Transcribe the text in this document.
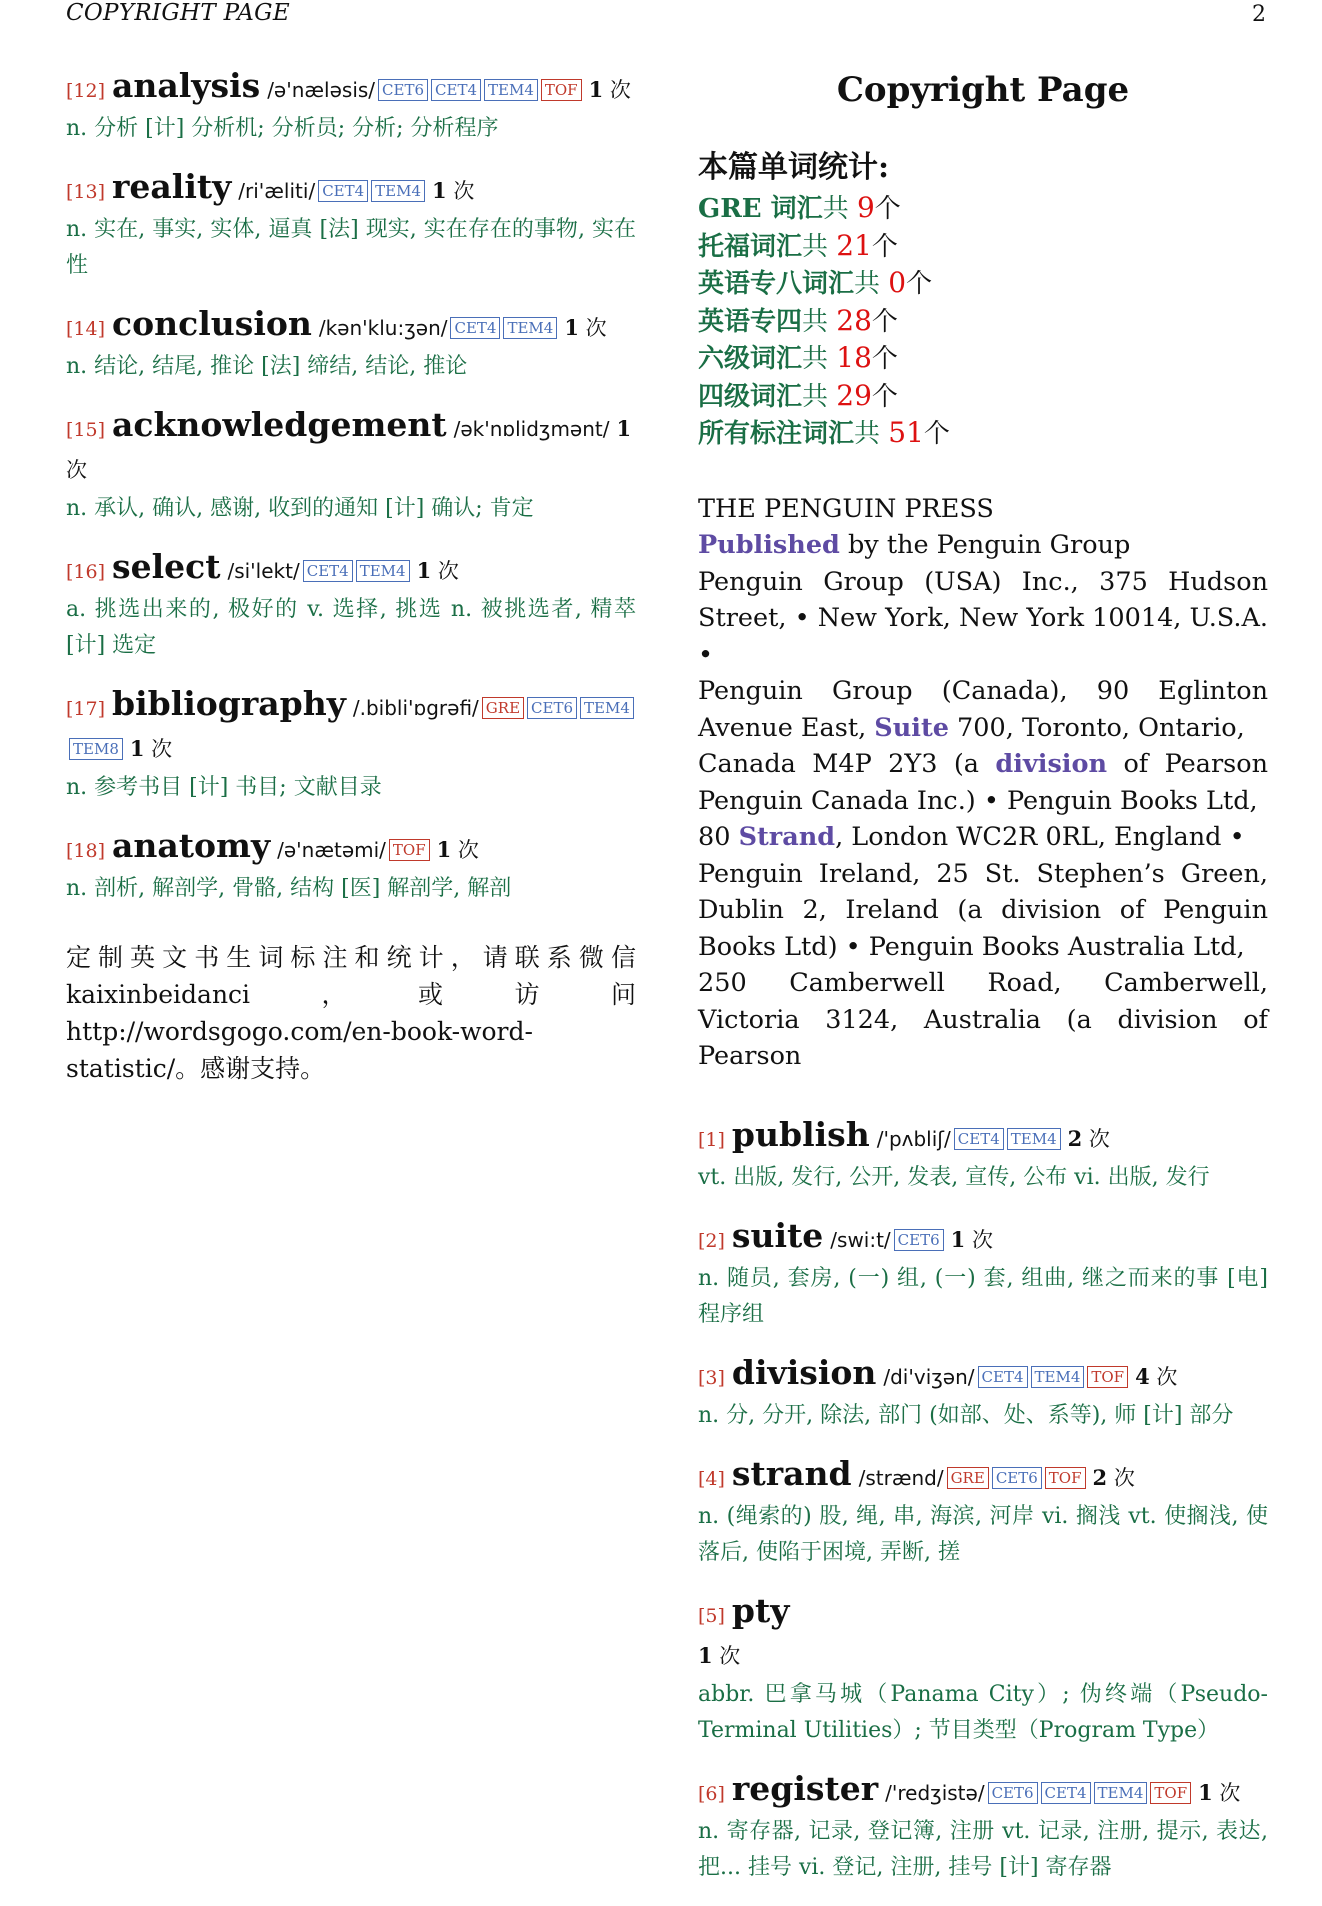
COPYRIGHT PAGE	2
[12] analysis /ə'næləsis/ CET6 CET4 TEM4 TOF 1 次
n. 分析 [计] 分析机; 分析员; 分析; 分析程序
[13] reality /ri'æliti/ CET4 TEM4 1 次
n. 实在, 事实, 实体, 逼真 [法] 现实, 实在存在的事物, 实在性
[14] conclusion /kən'klu:ʒən/ CET4 TEM4 1 次
n. 结论, 结尾, 推论 [法] 缔结, 结论, 推论
[15] acknowledgement /ək'nɒlidʒmənt/ 1 次
n. 承认, 确认, 感谢, 收到的通知 [计] 确认; 肯定
[16] select /si'lekt/ CET4 TEM4 1 次
a. 挑选出来的, 极好的 v. 选择, 挑选 n. 被挑选者, 精萃 [计] 选定
[17] bibliography /.bibli'ɒgrəfi/ GRE CET6 TEM4TEM8 1 次
n. 参考书目 [计] 书目; 文献目录
[18] anatomy /ə'nætəmi/ TOF 1 次
n. 剖析, 解剖学, 骨骼, 结构 [医] 解剖学, 解剖
定制英文书生词标注和统计，请联系微信 kaixinbeidanci，或访问 http://wordsgogo.com/en-book-word-statistic/。感谢支持。
Copyright Page
本篇单词统计:
GRE 词汇共 9个
托福词汇共 21个
英语专八词汇共 0个
英语专四共 28个
六级词汇共 18个
四级词汇共 29个
所有标注词汇共 51个

THE PENGUIN PRESS

Published by the Penguin Group

Penguin Group (USA) Inc., 375 Hudson Street, • New York, New York 10014, U.S.A. •

Penguin Group (Canada), 90 Eglinton Avenue East, Suite 700, Toronto, Ontario,

Canada M4P 2Y3 (a division of Pearson Penguin Canada Inc.) • Penguin Books Ltd,

80 Strand, London WC2R 0RL, England •

Penguin Ireland, 25 St. Stephen’s Green, Dublin 2, Ireland (a division of Penguin Books Ltd) • Penguin Books Australia Ltd,

250 Camberwell Road, Camberwell, Victoria 3124, Australia (a division of Pearson

[1] publish /'pʌbliʃ/ CET4 TEM4 2 次
vt. 出版, 发行, 公开, 发表, 宣传, 公布 vi. 出版, 发行
[2] suite /swi:t/ CET6 1 次
n. 随员, 套房, (一) 组, (一) 套, 组曲, 继之而来的事 [电] 程序组
[3] division /di'viʒən/ CET4 TEM4 TOF 4 次
n. 分, 分开, 除法, 部门 (如部、处、系等), 师 [计] 部分
[4] strand /strænd/ GRE CET6 TOF 2 次
n. (绳索的) 股, 绳, 串, 海滨, 河岸 vi. 搁浅 vt. 使搁浅, 使落后, 使陷于困境, 弄断, 搓
[5] pty
1 次
abbr. 巴拿马城（Panama City）; 伪终端（Pseudo-Terminal Utilities）; 节目类型（Program Type）
[6] register /'redʒistə/ CET6 CET4 TEM4 TOF 1 次
n. 寄存器, 记录, 登记簿, 注册 vt. 记录, 注册, 提示, 表达, 把... 挂号 vi. 登记, 注册, 挂号 [计] 寄存器
